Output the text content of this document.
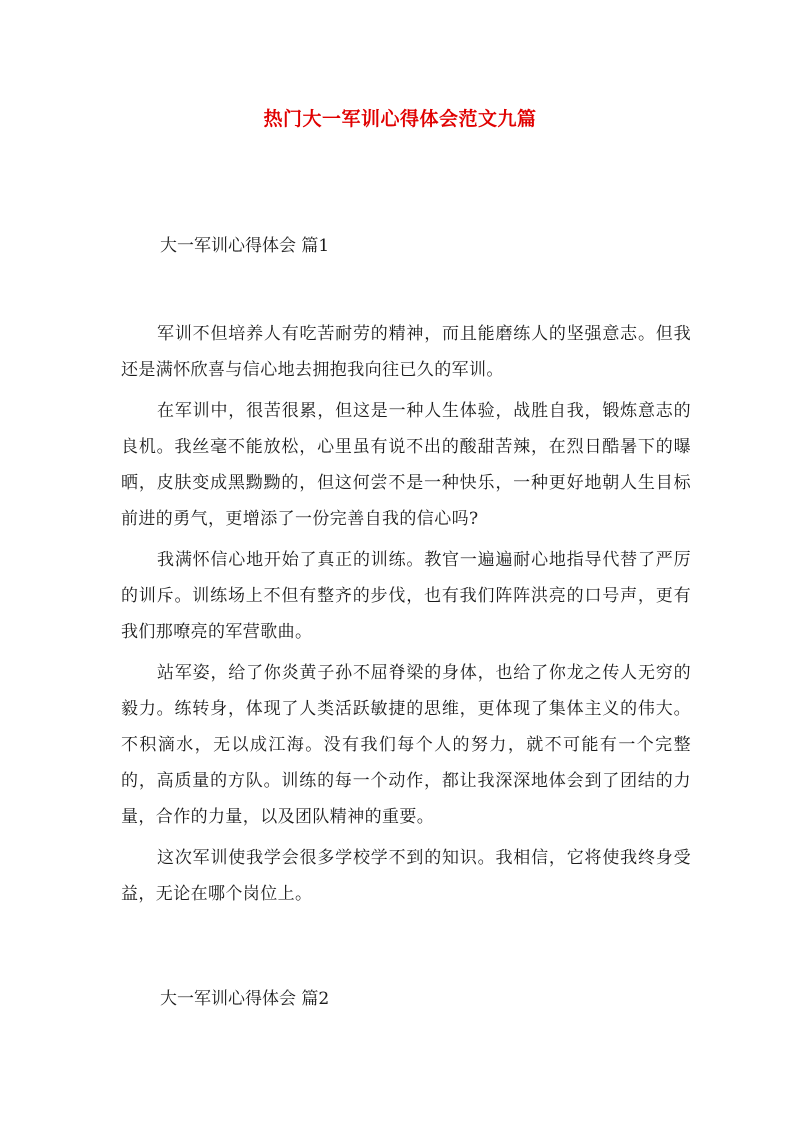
热门大一军训心得体会范文九篇
大一军训心得体会 篇1

军训不但培养人有吃苦耐劳的精神，而且能磨练人的坚强意志。但我还是满怀欣喜与信心地去拥抱我向往已久的军训。

在军训中，很苦很累，但这是一种人生体验，战胜自我，锻炼意志的良机。我丝毫不能放松，心里虽有说不出的酸甜苦辣，在烈日酷暑下的曝晒，皮肤变成黑黝黝的，但这何尝不是一种快乐，一种更好地朝人生目标前进的勇气，更增添了一份完善自我的信心吗?

我满怀信心地开始了真正的训练。教官一遍遍耐心地指导代替了严厉的训斥。训练场上不但有整齐的步伐，也有我们阵阵洪亮的口号声，更有我们那嘹亮的军营歌曲。

站军姿，给了你炎黄子孙不屈脊梁的身体，也给了你龙之传人无穷的毅力。练转身，体现了人类活跃敏捷的思维，更体现了集体主义的伟大。不积滴水，无以成江海。没有我们每个人的努力，就不可能有一个完整的，高质量的方队。训练的每一个动作，都让我深深地体会到了团结的力量，合作的力量，以及团队精神的重要。

这次军训使我学会很多学校学不到的知识。我相信，它将使我终身受益，无论在哪个岗位上。

大一军训心得体会 篇2
